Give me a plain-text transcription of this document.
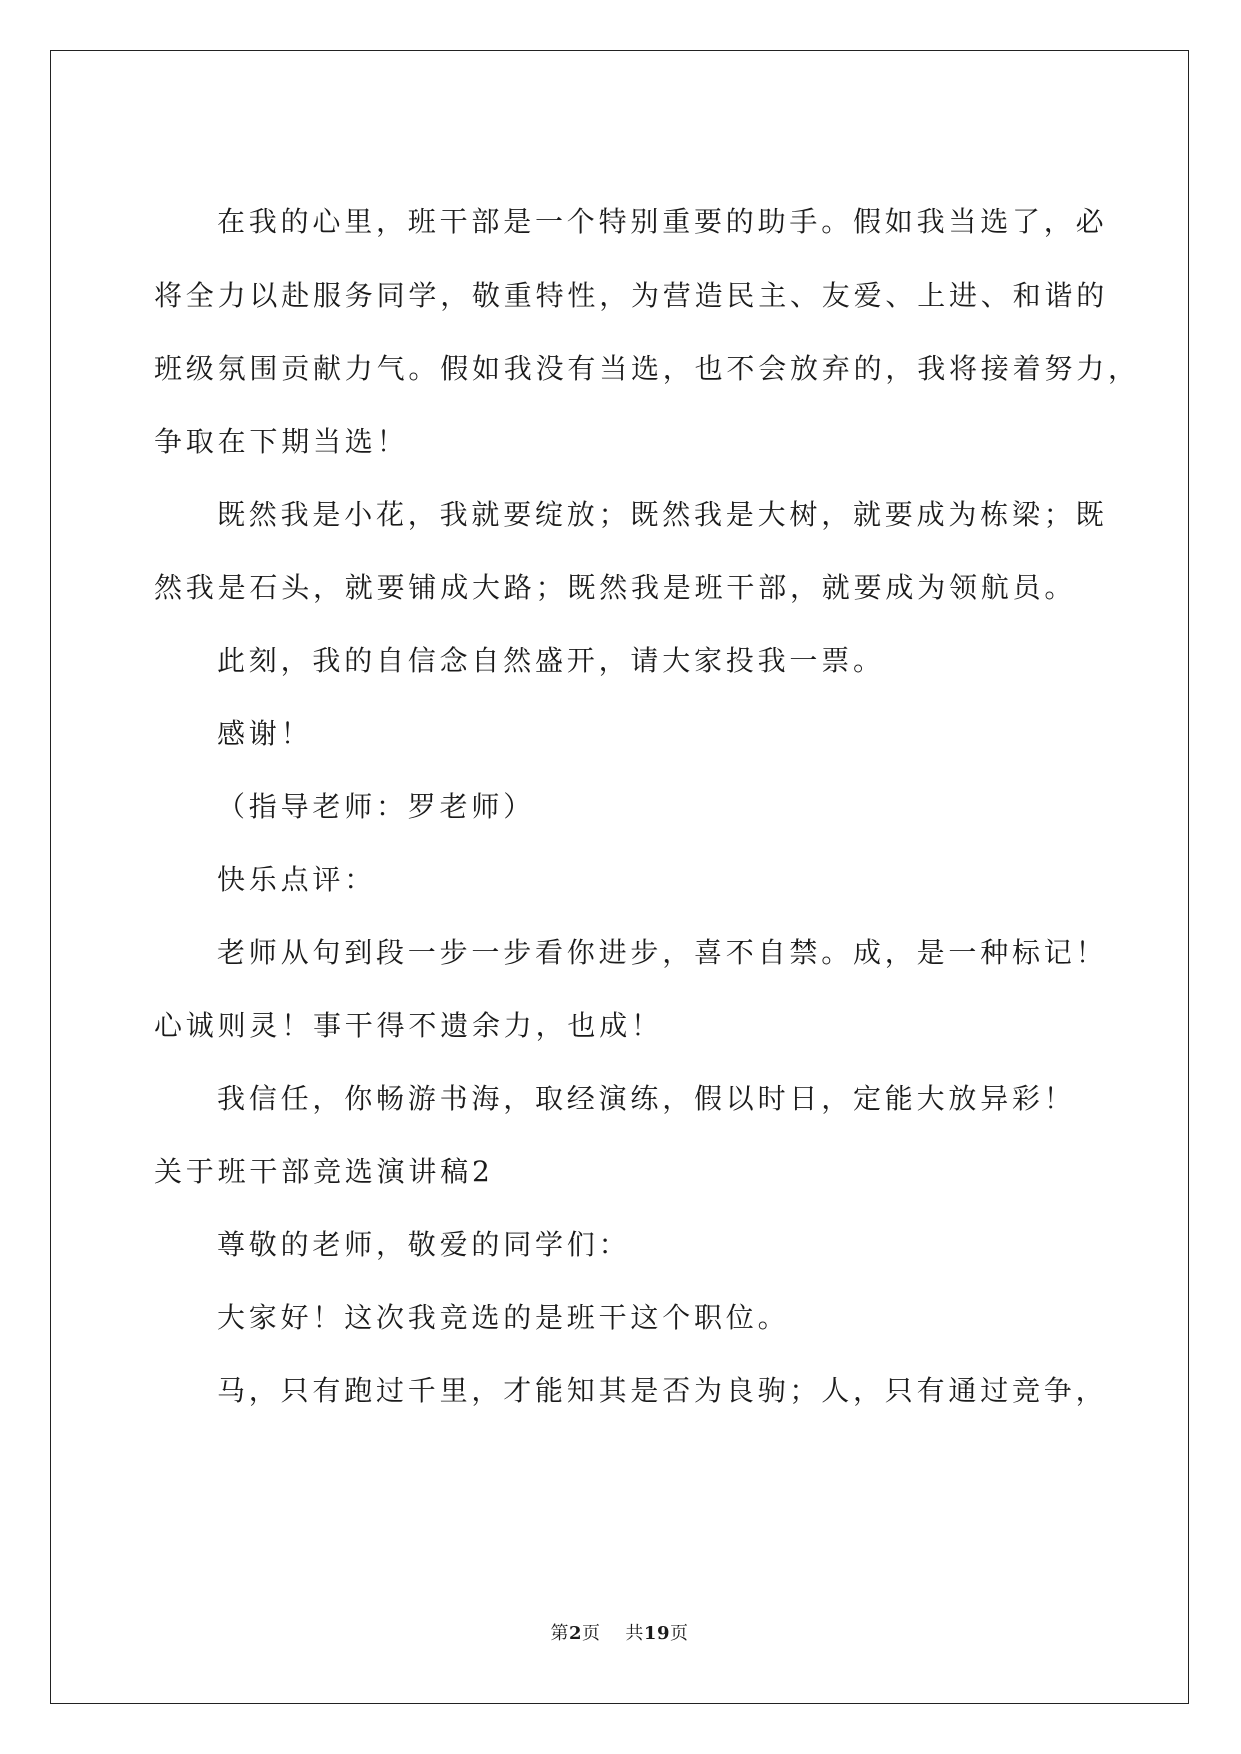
在我的心里，班干部是一个特别重要的助手。假如我当选了，必
将全力以赴服务同学，敬重特性，为营造民主、友爱、上进、和谐的
班级氛围贡献力气。假如我没有当选，也不会放弃的，我将接着努力，
争取在下期当选！
既然我是小花，我就要绽放；既然我是大树，就要成为栋梁；既
然我是石头，就要铺成大路；既然我是班干部，就要成为领航员。
此刻，我的自信念自然盛开，请大家投我一票。
感谢！
（指导老师：罗老师）
快乐点评：
老师从句到段一步一步看你进步，喜不自禁。成，是一种标记！
心诚则灵！事干得不遗余力，也成！
我信任，你畅游书海，取经演练，假以时日，定能大放异彩！
关于班干部竞选演讲稿2
尊敬的老师，敬爱的同学们：
大家好！这次我竞选的是班干这个职位。
马，只有跑过千里，才能知其是否为良驹；人，只有通过竞争，
第2页 共19页
